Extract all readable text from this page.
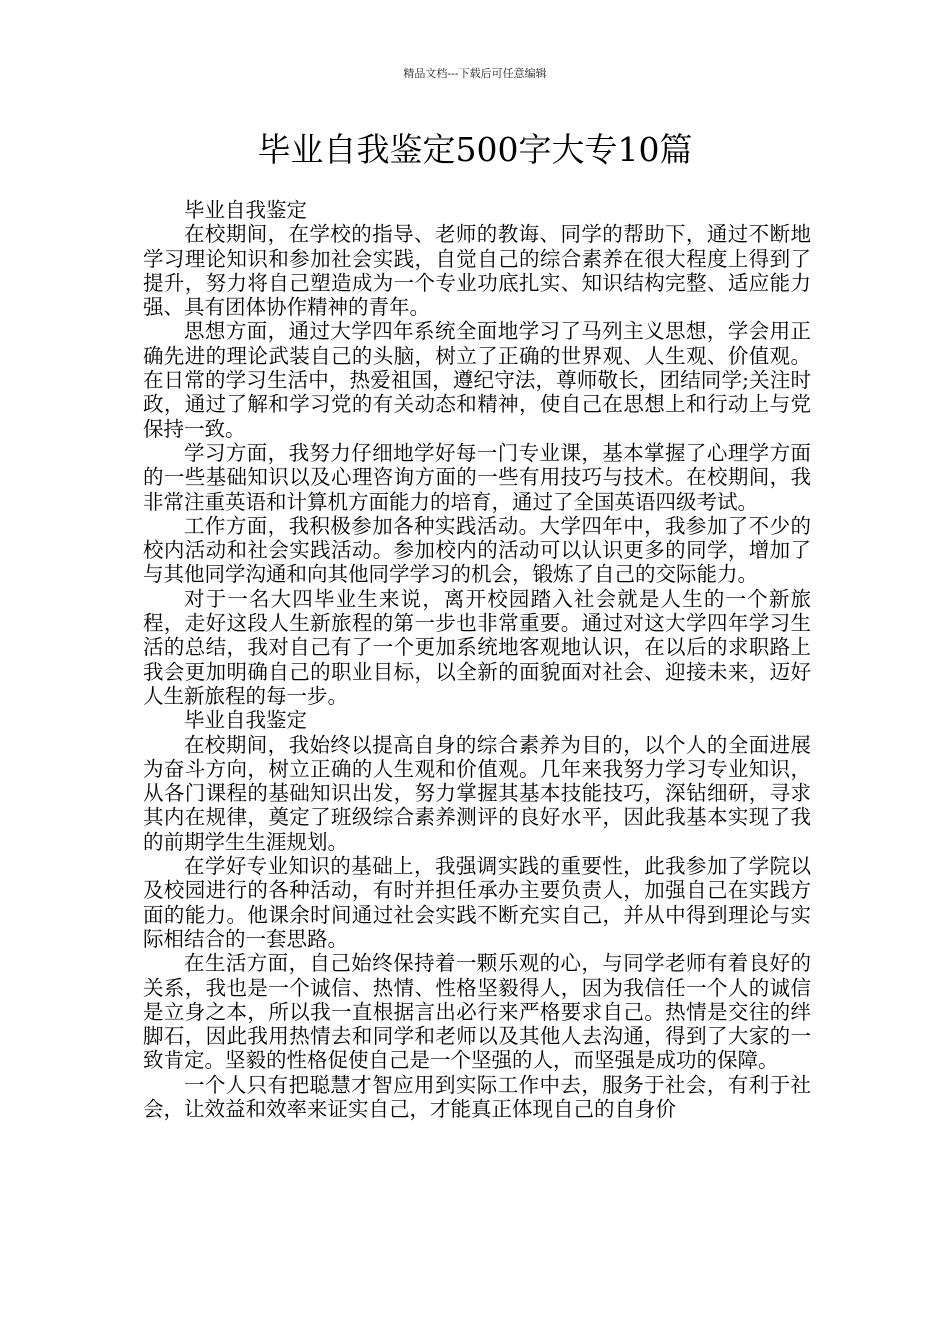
精品文档---下载后可任意编辑
毕业自我鉴定500字大专10篇

毕业自我鉴定

在校期间，在学校的指导、老师的教诲、同学的帮助下，通过不断地学习理论知识和参加社会实践，自觉自己的综合素养在很大程度上得到了提升，努力将自己塑造成为一个专业功底扎实、知识结构完整、适应能力强、具有团体协作精神的青年。

思想方面，通过大学四年系统全面地学习了马列主义思想，学会用正确先进的理论武装自己的头脑，树立了正确的世界观、人生观、价值观。在日常的学习生活中，热爱祖国，遵纪守法，尊师敬长，团结同学;关注时政，通过了解和学习党的有关动态和精神，使自己在思想上和行动上与党保持一致。

学习方面，我努力仔细地学好每一门专业课，基本掌握了心理学方面的一些基础知识以及心理咨询方面的一些有用技巧与技术。在校期间，我非常注重英语和计算机方面能力的培育，通过了全国英语四级考试。

工作方面，我积极参加各种实践活动。大学四年中，我参加了不少的校内活动和社会实践活动。参加校内的活动可以认识更多的同学，增加了与其他同学沟通和向其他同学学习的机会，锻炼了自己的交际能力。

对于一名大四毕业生来说，离开校园踏入社会就是人生的一个新旅程，走好这段人生新旅程的第一步也非常重要。通过对这大学四年学习生活的总结，我对自己有了一个更加系统地客观地认识，在以后的求职路上我会更加明确自己的职业目标，以全新的面貌面对社会、迎接未来，迈好人生新旅程的每一步。

毕业自我鉴定

在校期间，我始终以提高自身的综合素养为目的，以个人的全面进展为奋斗方向，树立正确的人生观和价值观。几年来我努力学习专业知识，从各门课程的基础知识出发，努力掌握其基本技能技巧，深钻细研，寻求其内在规律，奠定了班级综合素养测评的良好水平，因此我基本实现了我的前期学生生涯规划。

在学好专业知识的基础上，我强调实践的重要性，此我参加了学院以及校园进行的各种活动，有时并担任承办主要负责人，加强自己在实践方面的能力。他课余时间通过社会实践不断充实自己，并从中得到理论与实际相结合的一套思路。

在生活方面，自己始终保持着一颗乐观的心，与同学老师有着良好的关系，我也是一个诚信、热情、性格坚毅得人，因为我信任一个人的诚信是立身之本，所以我一直根据言出必行来严格要求自己。热情是交往的绊脚石，因此我用热情去和同学和老师以及其他人去沟通，得到了大家的一致肯定。坚毅的性格促使自己是一个坚强的人，而坚强是成功的保障。

一个人只有把聪慧才智应用到实际工作中去，服务于社会，有利于社会，让效益和效率来证实自己，才能真正体现自己的自身价
